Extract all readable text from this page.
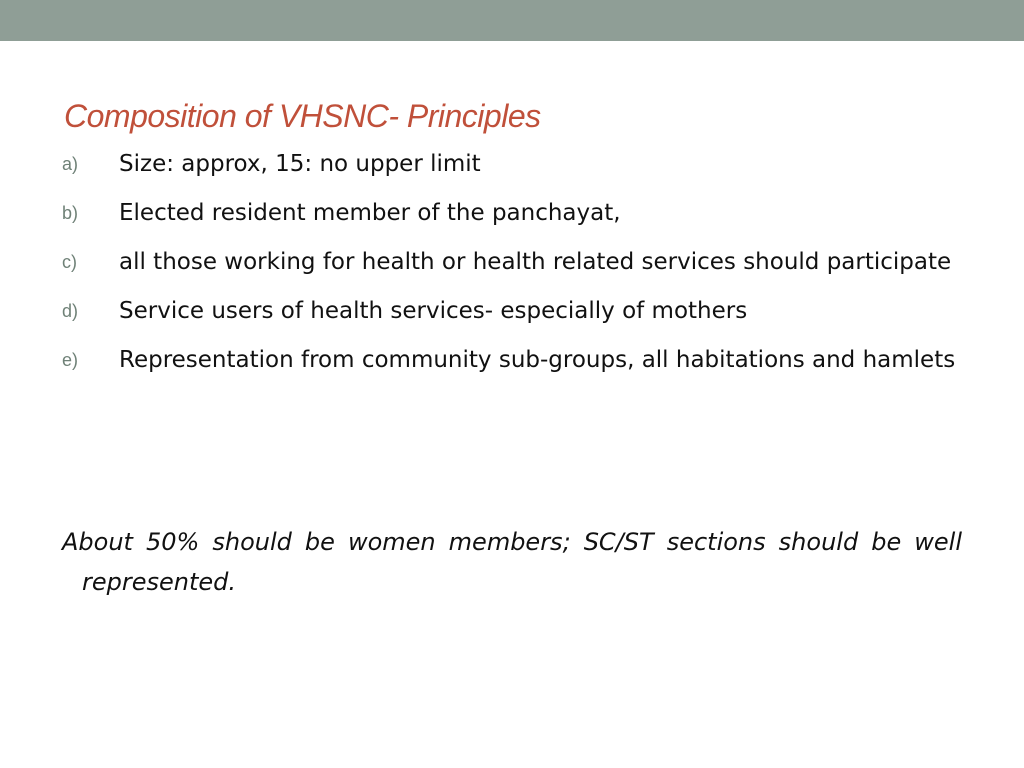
Composition of VHSNC- Principles
a)	Size: approx, 15: no upper limit
b)	Elected resident member of the panchayat,
c)	all those working for health or health related services should participate
d)	Service users of health services- especially of mothers
e)	Representation from community sub-groups, all habitations and hamlets

About 50% should be women members; SC/ST sections should be well represented.
